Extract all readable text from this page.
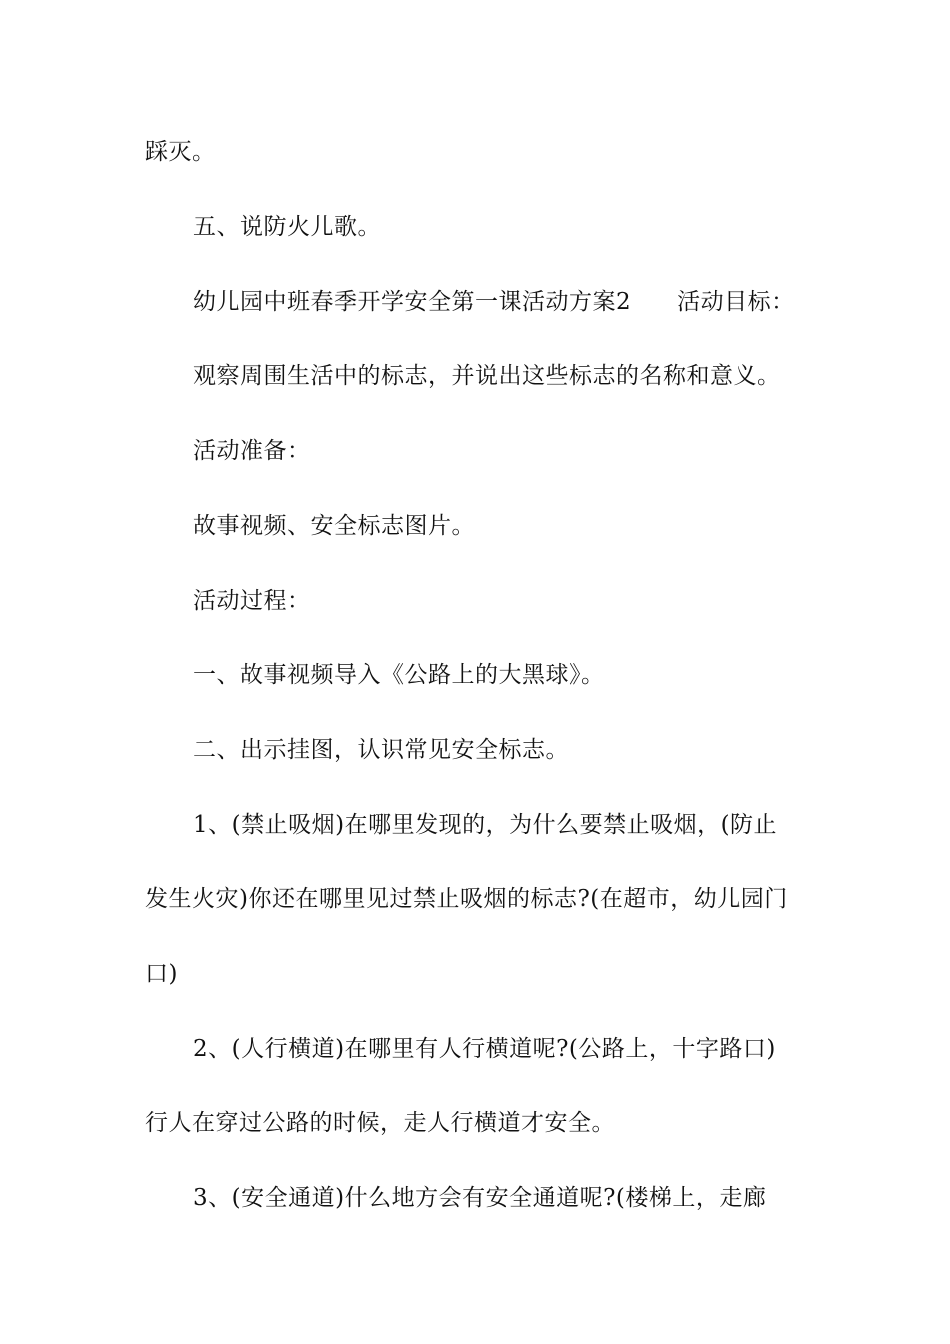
踩灭。
五、说防火儿歌。
幼儿园中班春季开学安全第一课活动方案2 活动目标：
观察周围生活中的标志，并说出这些标志的名称和意义。
活动准备：
故事视频、安全标志图片。
活动过程：
一、故事视频导入《公路上的大黑球》。
二、出示挂图，认识常见安全标志。
1、(禁止吸烟)在哪里发现的，为什么要禁止吸烟，(防止
发生火灾)你还在哪里见过禁止吸烟的标志?(在超市，幼儿园门
口)
2、(人行横道)在哪里有人行横道呢?(公路上，十字路口)
行人在穿过公路的时候，走人行横道才安全。
3、(安全通道)什么地方会有安全通道呢?(楼梯上，走廊
